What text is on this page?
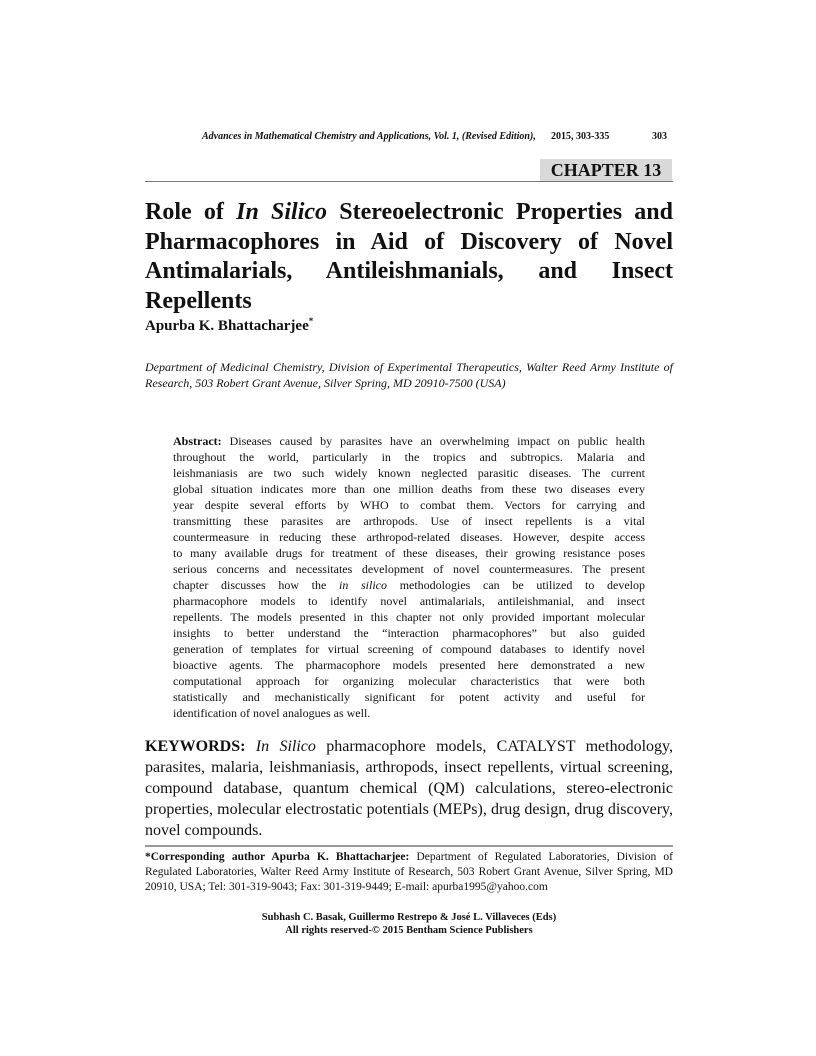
Advances in Mathematical Chemistry and Applications, Vol. 1, (Revised Edition), 2015, 303-335	303
CHAPTER 13
Role of In Silico Stereoelectronic Properties and
Pharmacophores in Aid of Discovery of Novel
Antimalarials, Antileishmanials, and Insect
Repellents
Apurba K. Bhattacharjee*
Department of Medicinal Chemistry, Division of Experimental Therapeutics, Walter Reed Army Institute of Research, 503 Robert Grant Avenue, Silver Spring, MD 20910-7500 (USA)
Abstract: Diseases caused by parasites have an overwhelming impact on public health
throughout the world, particularly in the tropics and subtropics. Malaria and
leishmaniasis are two such widely known neglected parasitic diseases. The current
global situation indicates more than one million deaths from these two diseases every
year despite several efforts by WHO to combat them. Vectors for carrying and
transmitting these parasites are arthropods. Use of insect repellents is a vital
countermeasure in reducing these arthropod-related diseases. However, despite access
to many available drugs for treatment of these diseases, their growing resistance poses
serious concerns and necessitates development of novel countermeasures. The present
chapter discusses how the in silico methodologies can be utilized to develop
pharmacophore models to identify novel antimalarials, antileishmanial, and insect
repellents. The models presented in this chapter not only provided important molecular
insights to better understand the “interaction pharmacophores” but also guided
generation of templates for virtual screening of compound databases to identify novel
bioactive agents. The pharmacophore models presented here demonstrated a new
computational approach for organizing molecular characteristics that were both
statistically and mechanistically significant for potent activity and useful for
identification of novel analogues as well.
KEYWORDS: In Silico pharmacophore models, CATALYST methodology,
parasites, malaria, leishmaniasis, arthropods, insect repellents, virtual screening,
compound database, quantum chemical (QM) calculations, stereo-electronic
properties, molecular electrostatic potentials (MEPs), drug design, drug discovery,
novel compounds.
*Corresponding author Apurba K. Bhattacharjee: Department of Regulated Laboratories, Division of Regulated Laboratories, Walter Reed Army Institute of Research, 503 Robert Grant Avenue, Silver Spring, MD 20910, USA; Tel: 301-319-9043; Fax: 301-319-9449; E-mail: apurba1995@yahoo.com
Subhash C. Basak, Guillermo Restrepo & José L. Villaveces (Eds)
All rights reserved-© 2015 Bentham Science Publishers
